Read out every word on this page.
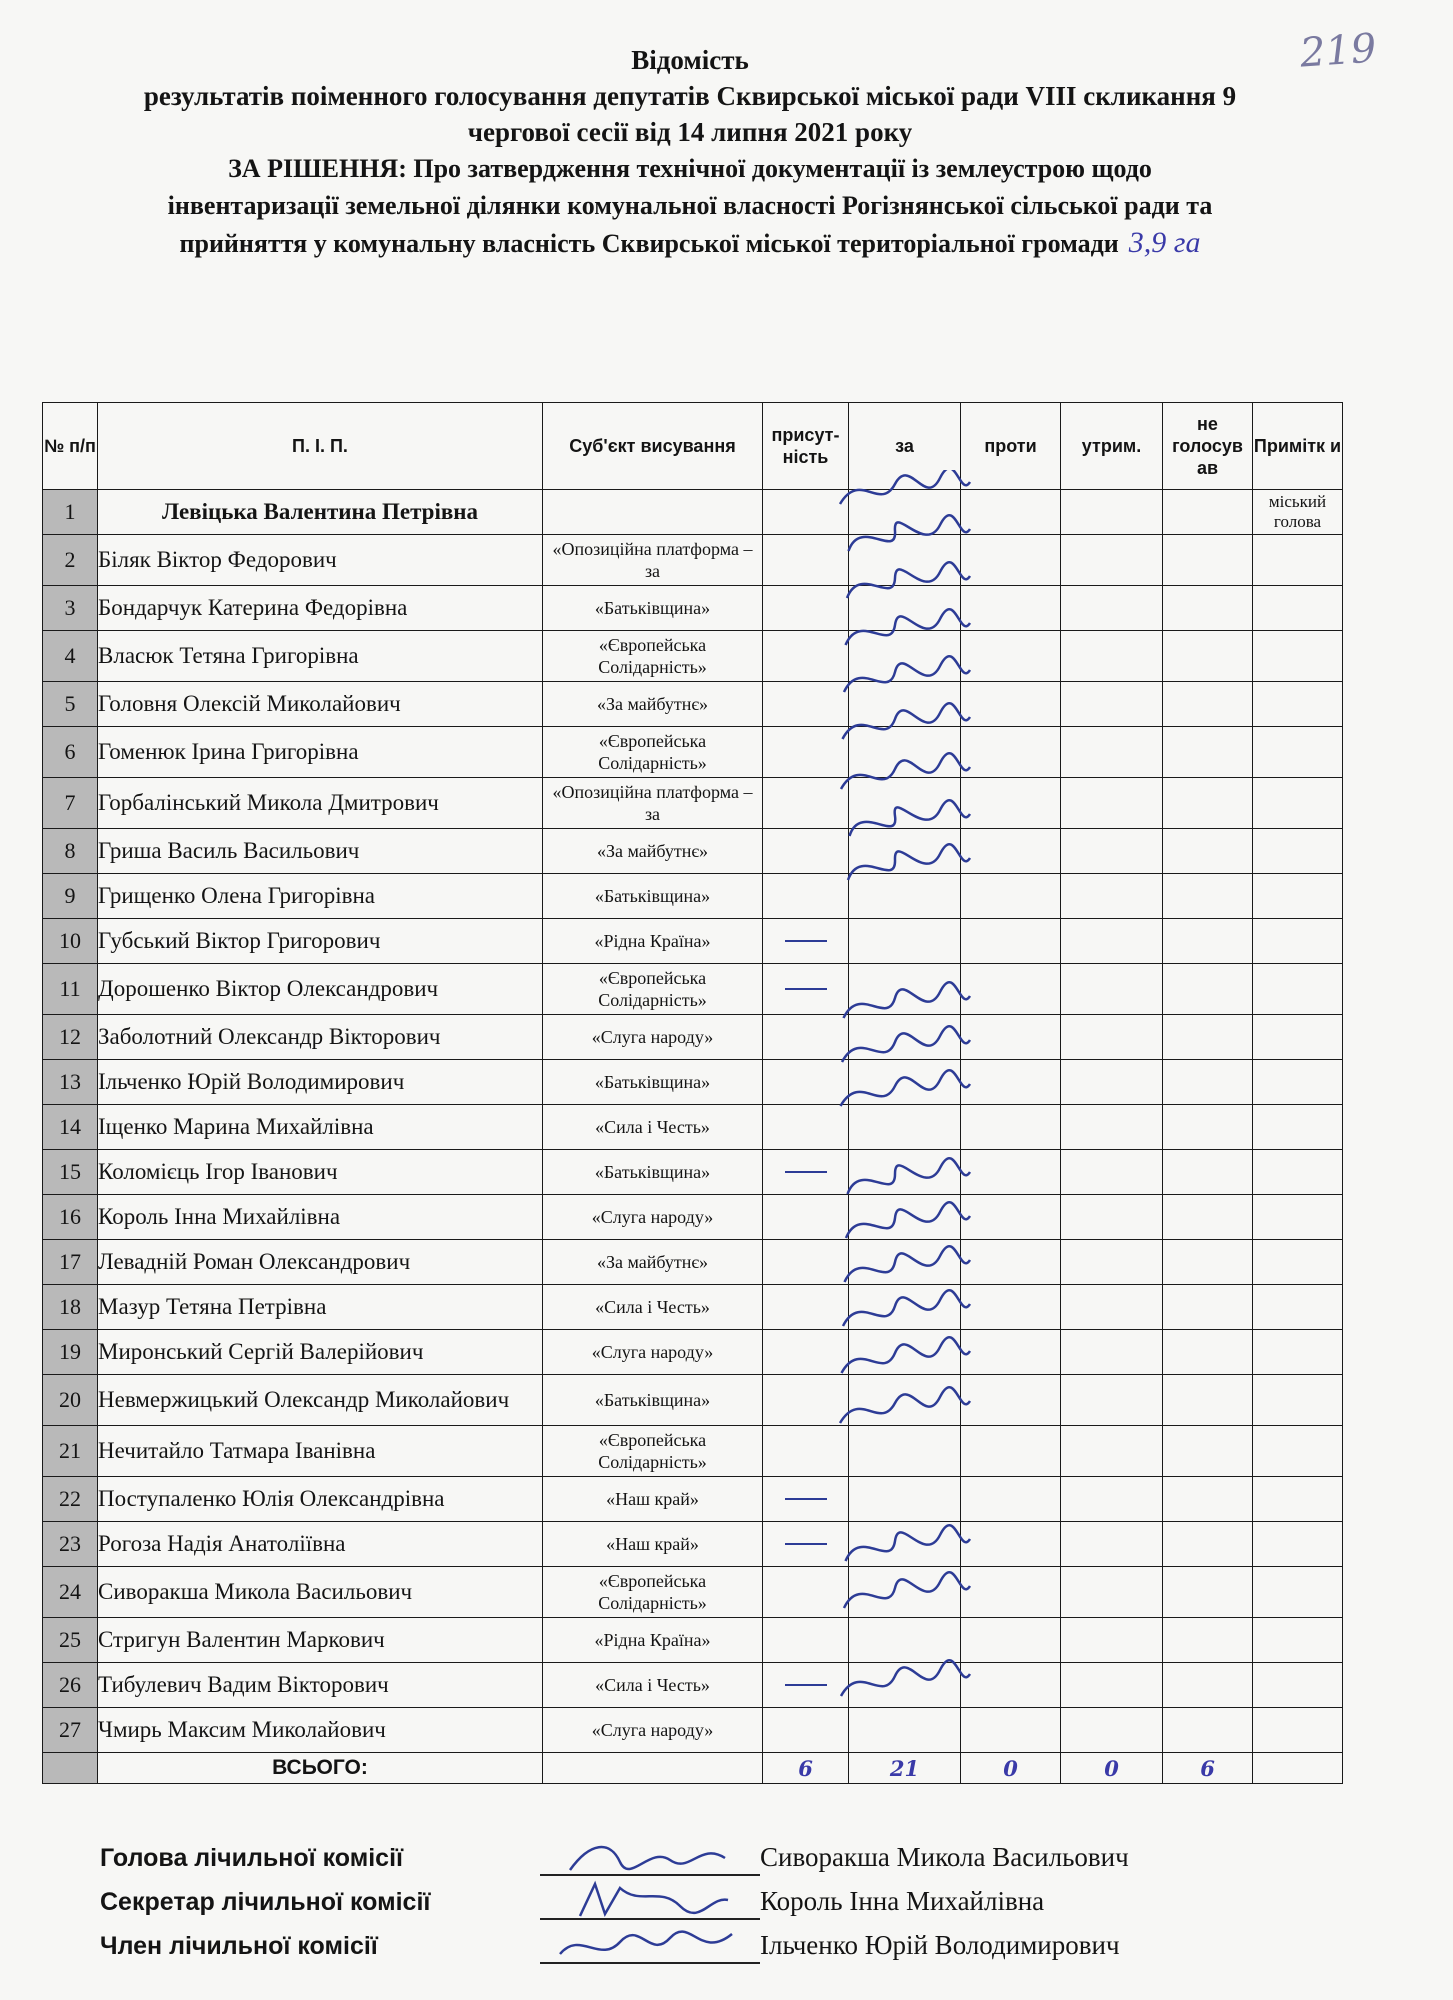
219
Відомість
результатів поіменного голосування депутатів Сквирської міської ради VIII скликання 9
чергової сесії від 14 липня 2021 року
ЗА РІШЕННЯ: Про затвердження технічної документації із землеустрою щодо
інвентаризації земельної ділянки комунальної власності Рогізнянської сільської ради та
прийняття у комунальну власність Сквирської міської територіальної громади 3,9 га
№ п/п	П. І. П.	Суб'єкт висування	присут-ність	за	проти	утрим.	не голосув ав	Примітк и
1	Левіцька Валентина Петрівна							міський голова
2	Біляк Віктор Федорович	«Опозиційна платформа – за						
3	Бондарчук Катерина Федорівна	«Батьківщина»						
4	Власюк Тетяна Григорівна	«Європейська Солідарність»						
5	Головня Олексій Миколайович	«За майбутнє»						
6	Гоменюк Ірина Григорівна	«Європейська Солідарність»						
7	Горбалінський Микола Дмитрович	«Опозиційна платформа – за						
8	Гриша Василь Васильович	«За майбутнє»						
9	Грищенко Олена Григорівна	«Батьківщина»						
10	Губський Віктор Григорович	«Рідна Країна»	

11	Дорошенко Віктор Олександрович	«Європейська Солідарність»	

12	Заболотний Олександр Вікторович	«Слуга народу»						
13	Ільченко Юрій Володимирович	«Батьківщина»						
14	Іщенко Марина Михайлівна	«Сила і Честь»						
15	Коломієць Ігор Іванович	«Батьківщина»	

16	Король Інна Михайлівна	«Слуга народу»						
17	Левадній Роман Олександрович	«За майбутнє»						
18	Мазур Тетяна Петрівна	«Сила і Честь»						
19	Миронський Сергій Валерійович	«Слуга народу»						
20	Невмержицький Олександр Миколайович	«Батьківщина»						
21	Нечитайло Татмара Іванівна	«Європейська Солідарність»						
22	Поступаленко Юлія Олександрівна	«Наш край»	

23	Рогоза Надія Анатоліївна	«Наш край»	

24	Сиворакша Микола Васильович	«Європейська Солідарність»						
25	Стригун Валентин Маркович	«Рідна Країна»						
26	Тибулевич Вадим Вікторович	«Сила і Честь»	

27	Чмирь Максим Миколайович	«Слуга народу»						
	ВСЬОГО:		6	21	0	0	6	
Голова лічильної комісії	Сиворакша Микола Васильович
Секретар лічильної комісії	Король Інна Михайлівна
Член лічильної комісії	Ільченко Юрій Володимирович
